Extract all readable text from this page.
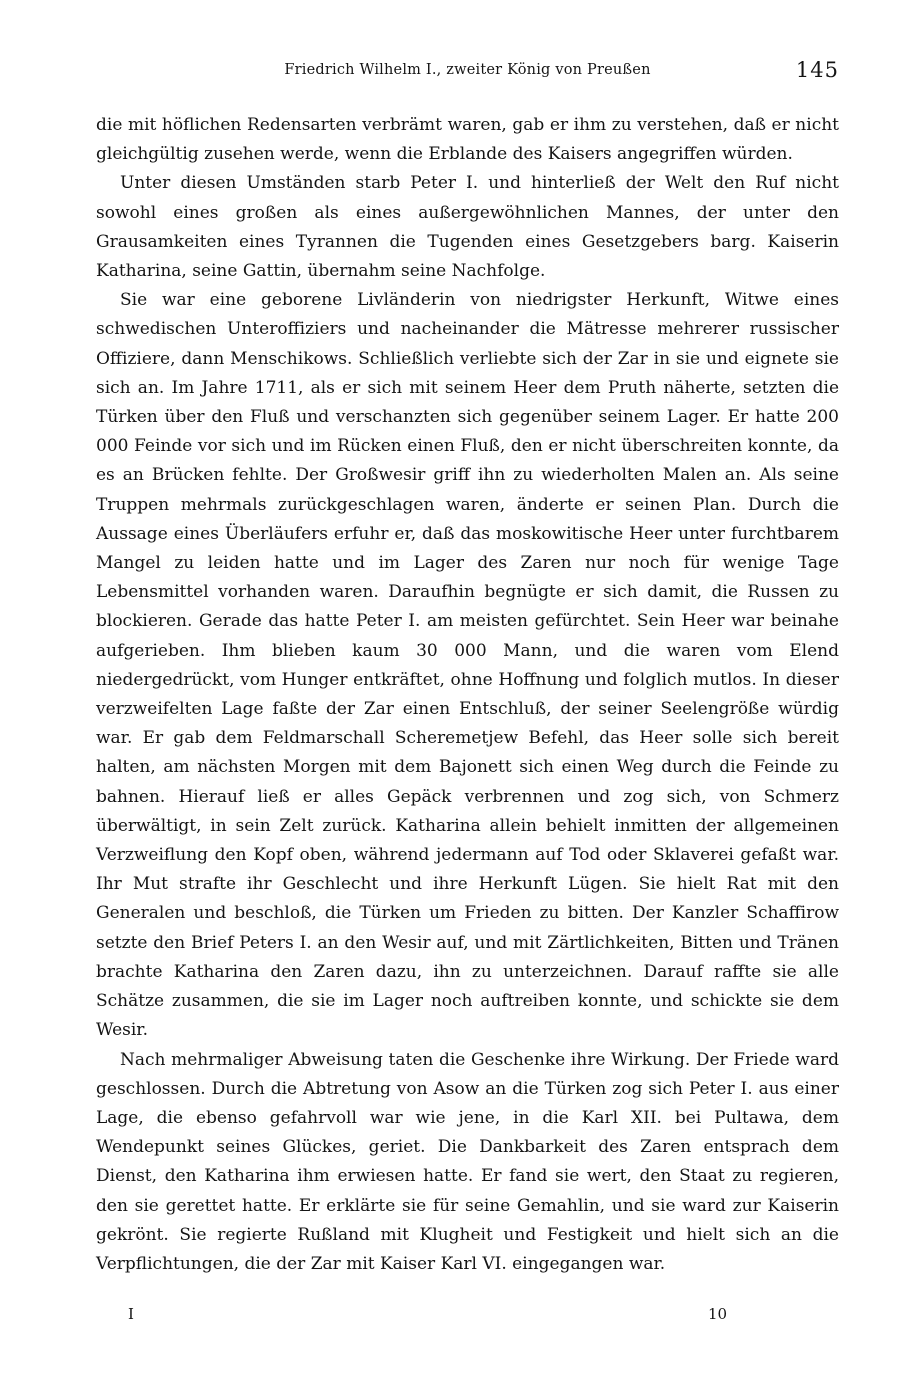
Friedrich Wilhelm I., zweiter König von Preußen	145

die mit höflichen Redensarten verbrämt waren, gab er ihm zu verstehen, daß er nicht gleichgültig zusehen werde, wenn die Erblande des Kaisers angegriffen würden.

Unter diesen Umständen starb Peter I. und hinterließ der Welt den Ruf nicht sowohl eines großen als eines außergewöhnlichen Mannes, der unter den Grausamkeiten eines Tyrannen die Tugenden eines Gesetzgebers barg. Kaiserin Katharina, seine Gattin, übernahm seine Nachfolge.

Sie war eine geborene Livländerin von niedrigster Herkunft, Witwe eines schwedischen Unteroffiziers und nacheinander die Mätresse mehrerer russischer Offiziere, dann Menschikows. Schließlich verliebte sich der Zar in sie und eignete sie sich an. Im Jahre 1711, als er sich mit seinem Heer dem Pruth näherte, setzten die Türken über den Fluß und verschanzten sich gegenüber seinem Lager. Er hatte 200 000 Feinde vor sich und im Rücken einen Fluß, den er nicht überschreiten konnte, da es an Brücken fehlte. Der Großwesir griff ihn zu wiederholten Malen an. Als seine Truppen mehrmals zurückgeschlagen waren, änderte er seinen Plan. Durch die Aussage eines Überläufers erfuhr er, daß das moskowitische Heer unter furchtbarem Mangel zu leiden hatte und im Lager des Zaren nur noch für wenige Tage Lebensmittel vorhanden waren. Daraufhin begnügte er sich damit, die Russen zu blockieren. Gerade das hatte Peter I. am meisten gefürchtet. Sein Heer war beinahe aufgerieben. Ihm blieben kaum 30 000 Mann, und die waren vom Elend niedergedrückt, vom Hunger entkräftet, ohne Hoffnung und folglich mutlos. In dieser verzweifelten Lage faßte der Zar einen Entschluß, der seiner Seelengröße würdig war. Er gab dem Feldmarschall Scheremetjew Befehl, das Heer solle sich bereit halten, am nächsten Morgen mit dem Bajonett sich einen Weg durch die Feinde zu bahnen. Hierauf ließ er alles Gepäck verbrennen und zog sich, von Schmerz überwältigt, in sein Zelt zurück. Katharina allein behielt inmitten der allgemeinen Verzweiflung den Kopf oben, während jedermann auf Tod oder Sklaverei gefaßt war. Ihr Mut strafte ihr Geschlecht und ihre Herkunft Lügen. Sie hielt Rat mit den Generalen und beschloß, die Türken um Frieden zu bitten. Der Kanzler Schaffirow setzte den Brief Peters I. an den Wesir auf, und mit Zärtlichkeiten, Bitten und Tränen brachte Katharina den Zaren dazu, ihn zu unterzeichnen. Darauf raffte sie alle Schätze zusammen, die sie im Lager noch auftreiben konnte, und schickte sie dem Wesir.

Nach mehrmaliger Abweisung taten die Geschenke ihre Wirkung. Der Friede ward geschlossen. Durch die Abtretung von Asow an die Türken zog sich Peter I. aus einer Lage, die ebenso gefahrvoll war wie jene, in die Karl XII. bei Pultawa, dem Wendepunkt seines Glückes, geriet. Die Dankbarkeit des Zaren entsprach dem Dienst, den Katharina ihm erwiesen hatte. Er fand sie wert, den Staat zu regieren, den sie gerettet hatte. Er erklärte sie für seine Gemahlin, und sie ward zur Kaiserin gekrönt. Sie regierte Rußland mit Klugheit und Festigkeit und hielt sich an die Verpflichtungen, die der Zar mit Kaiser Karl VI. eingegangen war.

I	10
